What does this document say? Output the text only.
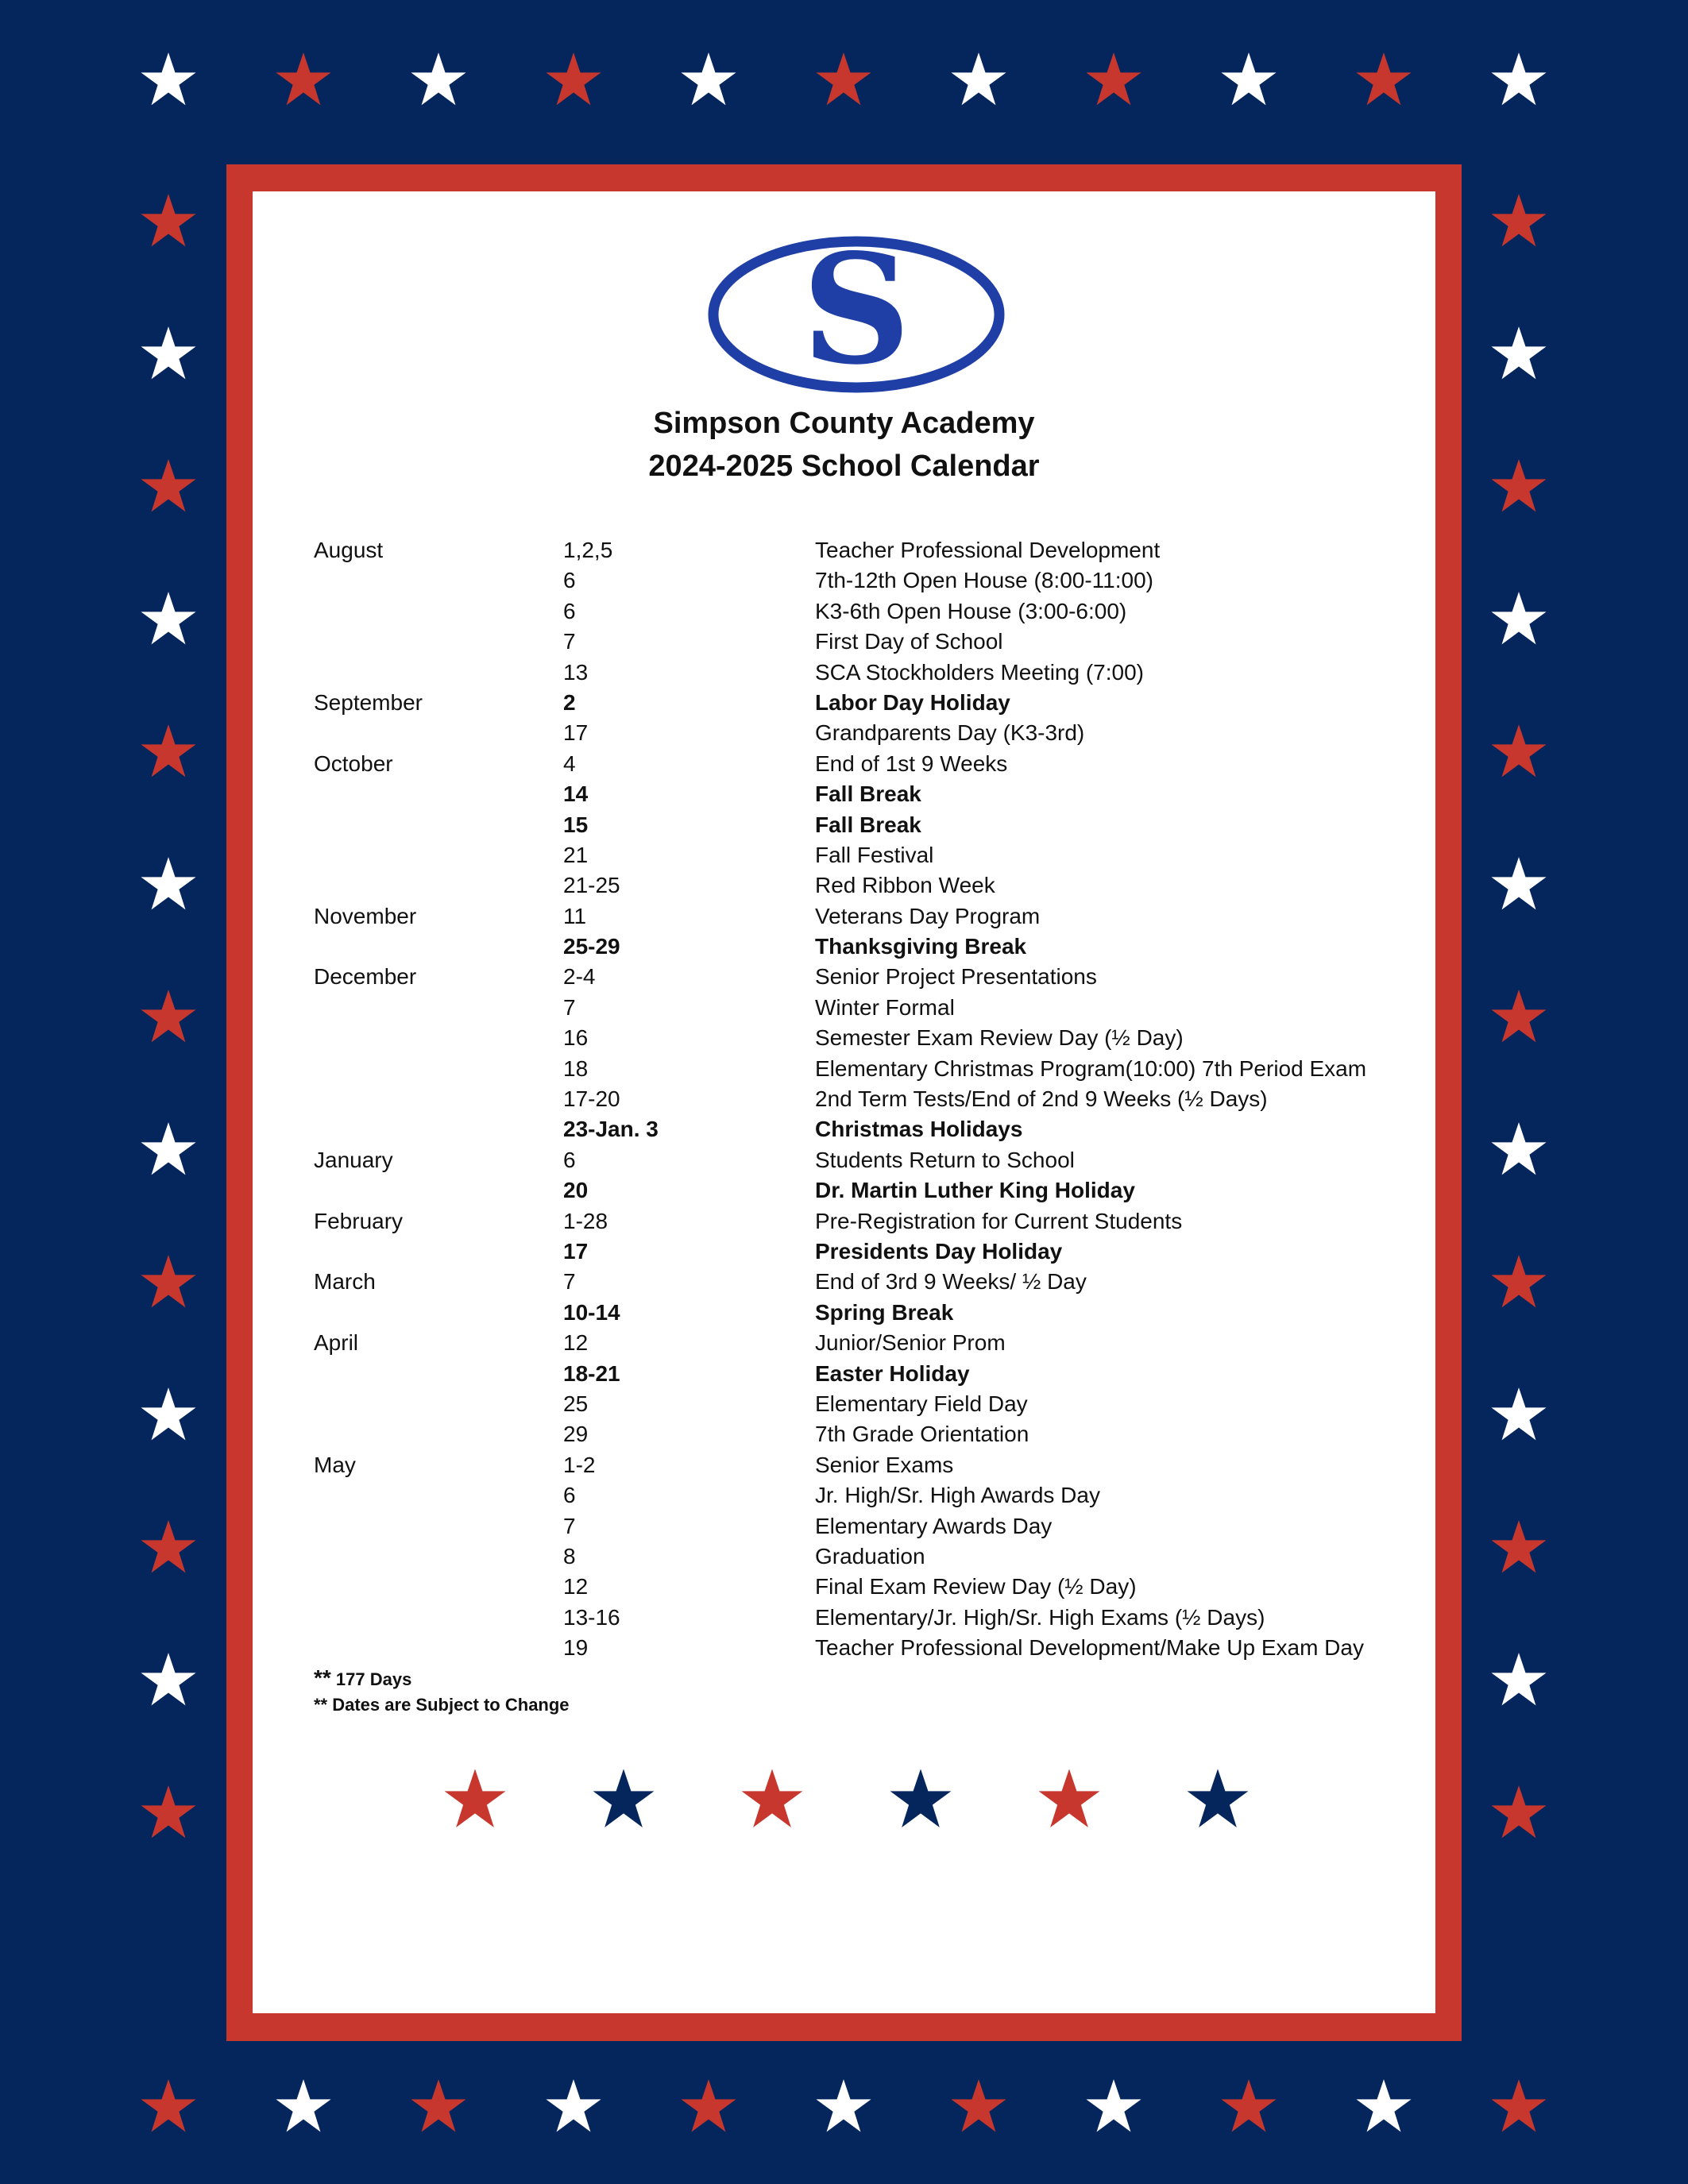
S
Simpson County Academy
2024-2025 School Calendar
August	1,2,5	Teacher Professional Development
6	7th-12th Open House (8:00-11:00)
6	K3-6th Open House (3:00-6:00)
7	First Day of School
13	SCA Stockholders Meeting (7:00)
September	2	Labor Day Holiday
17	Grandparents Day (K3-3rd)
October	4	End of 1st 9 Weeks
14	Fall Break
15	Fall Break
21	Fall Festival
21-25	Red Ribbon Week
November	11	Veterans Day Program
25-29	Thanksgiving Break
December	2-4	Senior Project Presentations
7	Winter Formal
16	Semester Exam Review Day (½ Day)
18	Elementary Christmas Program(10:00) 7th Period Exam
17-20	2nd Term Tests/End of 2nd 9 Weeks (½ Days)
23-Jan. 3	Christmas Holidays
January	6	Students Return to School
20	Dr. Martin Luther King Holiday
February	1-28	Pre-Registration for Current Students
17	Presidents Day Holiday
March	7	End of 3rd 9 Weeks/ ½ Day
10-14	Spring Break
April	12	Junior/Senior Prom
18-21	Easter Holiday
25	Elementary Field Day
29	7th Grade Orientation
May	1-2	Senior Exams
6	Jr. High/Sr. High Awards Day
7	Elementary Awards Day
8	Graduation
12	Final Exam Review Day (½ Day)
13-16	Elementary/Jr. High/Sr. High Exams (½ Days)
19	Teacher Professional Development/Make Up Exam Day
** 177 Days
** Dates are Subject to Change
